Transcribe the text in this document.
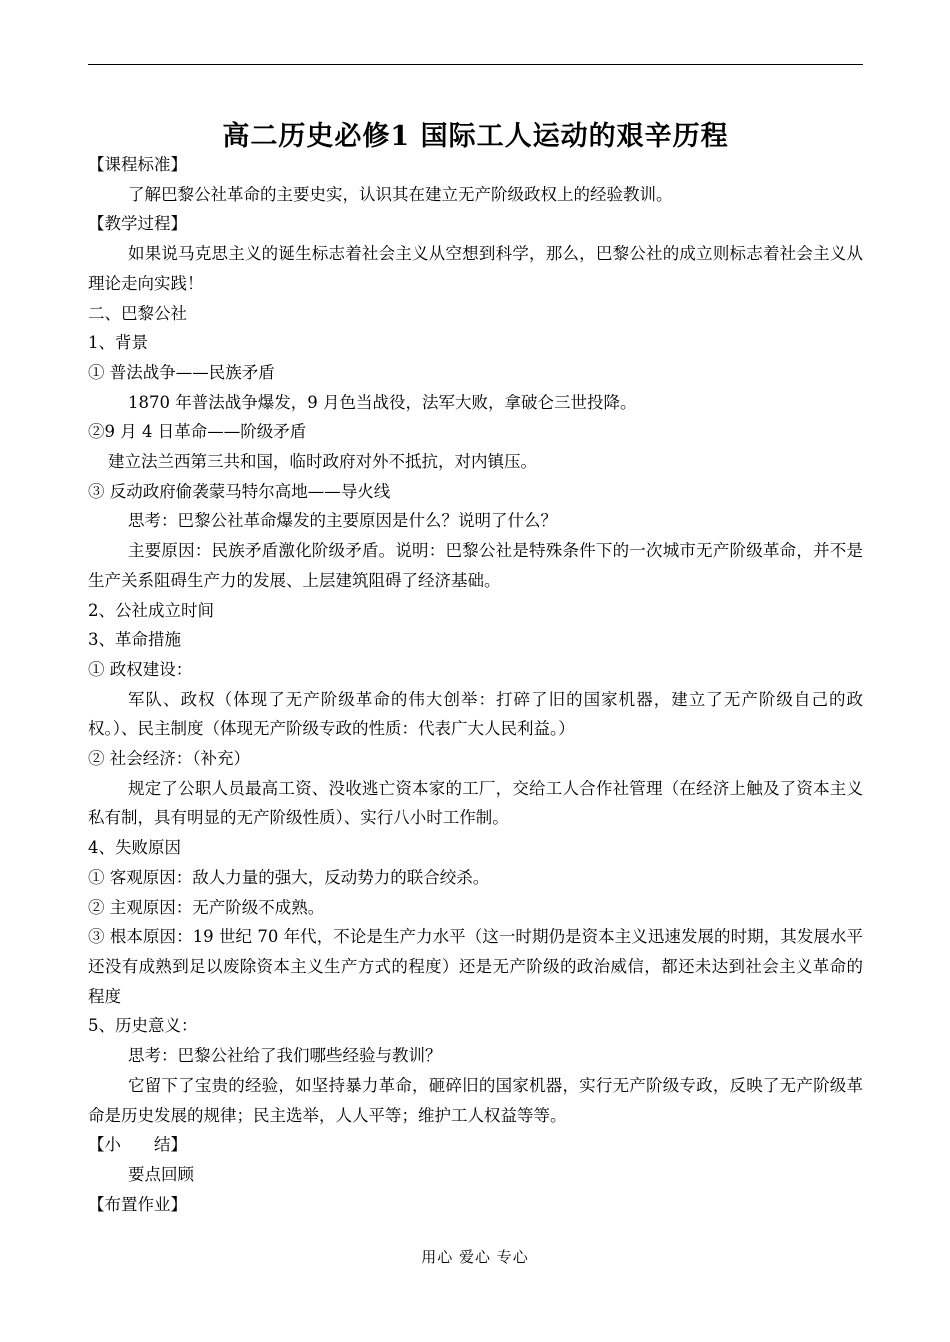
高二历史必修1 国际工人运动的艰辛历程

【课程标准】

了解巴黎公社革命的主要史实，认识其在建立无产阶级政权上的经验教训。

【教学过程】

如果说马克思主义的诞生标志着社会主义从空想到科学，那么，巴黎公社的成立则标志着社会主义从理论走向实践！

二、巴黎公社

1、背景

① 普法战争——民族矛盾

1870 年普法战争爆发，9 月色当战役，法军大败，拿破仑三世投降。

②9 月 4 日革命——阶级矛盾

建立法兰西第三共和国，临时政府对外不抵抗，对内镇压。

③ 反动政府偷袭蒙马特尔高地——导火线

思考：巴黎公社革命爆发的主要原因是什么？说明了什么？

主要原因：民族矛盾激化阶级矛盾。说明：巴黎公社是特殊条件下的一次城市无产阶级革命，并不是生产关系阻碍生产力的发展、上层建筑阻碍了经济基础。

2、公社成立时间

3、革命措施

① 政权建设：

军队、政权（体现了无产阶级革命的伟大创举：打碎了旧的国家机器，建立了无产阶级自己的政权。）、民主制度（体现无产阶级专政的性质：代表广大人民利益。）

② 社会经济：（补充）

规定了公职人员最高工资、没收逃亡资本家的工厂，交给工人合作社管理（在经济上触及了资本主义私有制，具有明显的无产阶级性质）、实行八小时工作制。

4、失败原因

① 客观原因：敌人力量的强大，反动势力的联合绞杀。

② 主观原因：无产阶级不成熟。

③ 根本原因：19 世纪 70 年代，不论是生产力水平（这一时期仍是资本主义迅速发展的时期，其发展水平还没有成熟到足以废除资本主义生产方式的程度）还是无产阶级的政治威信，都还未达到社会主义革命的程度

5、历史意义：

思考：巴黎公社给了我们哪些经验与教训？

它留下了宝贵的经验，如坚持暴力革命，砸碎旧的国家机器，实行无产阶级专政，反映了无产阶级革命是历史发展的规律；民主选举，人人平等；维护工人权益等等。

【小　　结】

要点回顾

【布置作业】

用心 爱心 专心
